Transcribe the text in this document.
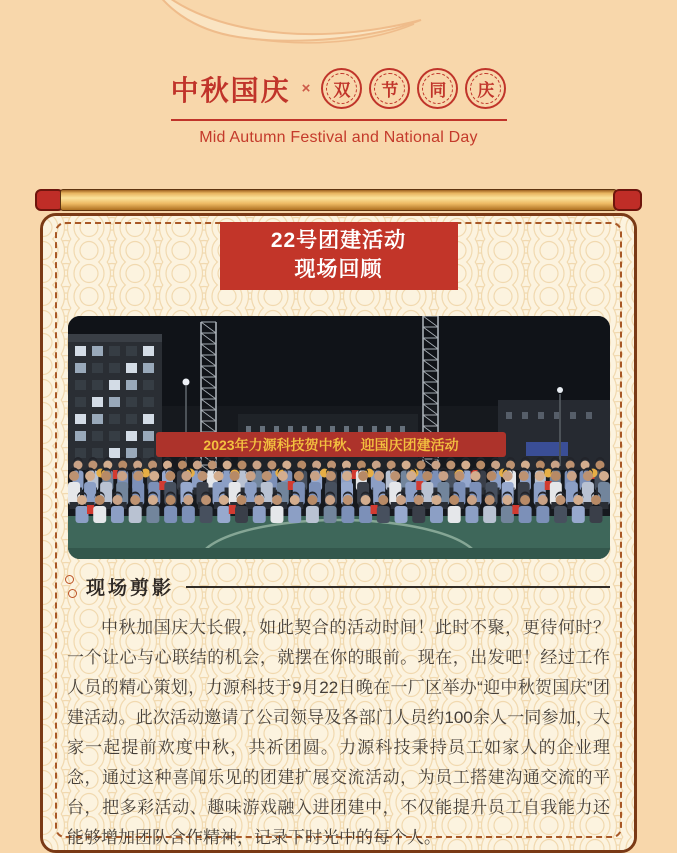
中秋国庆 ×	双	节	同	庆
Mid Autumn Festival and National Day
22号团建活动
现场回顾
2023年力源科技贺中秋、迎国庆团建活动
现场剪影

中秋加国庆大长假，如此契合的活动时间！此时不聚，更待何时？一个让心与心联结的机会，就摆在你的眼前。现在，出发吧！经过工作人员的精心策划，力源科技于9月22日晚在一厂区举办“迎中秋贺国庆”团建活动。此次活动邀请了公司领导及各部门人员约100余人一同参加，大家一起提前欢度中秋，共祈团圆。力源科技秉持员工如家人的企业理念，通过这种喜闻乐见的团建扩展交流活动，为员工搭建沟通交流的平台，把多彩活动、趣味游戏融入进团建中，不仅能提升员工自我能力还能够增加团队合作精神，记录下时光中的每个人。
